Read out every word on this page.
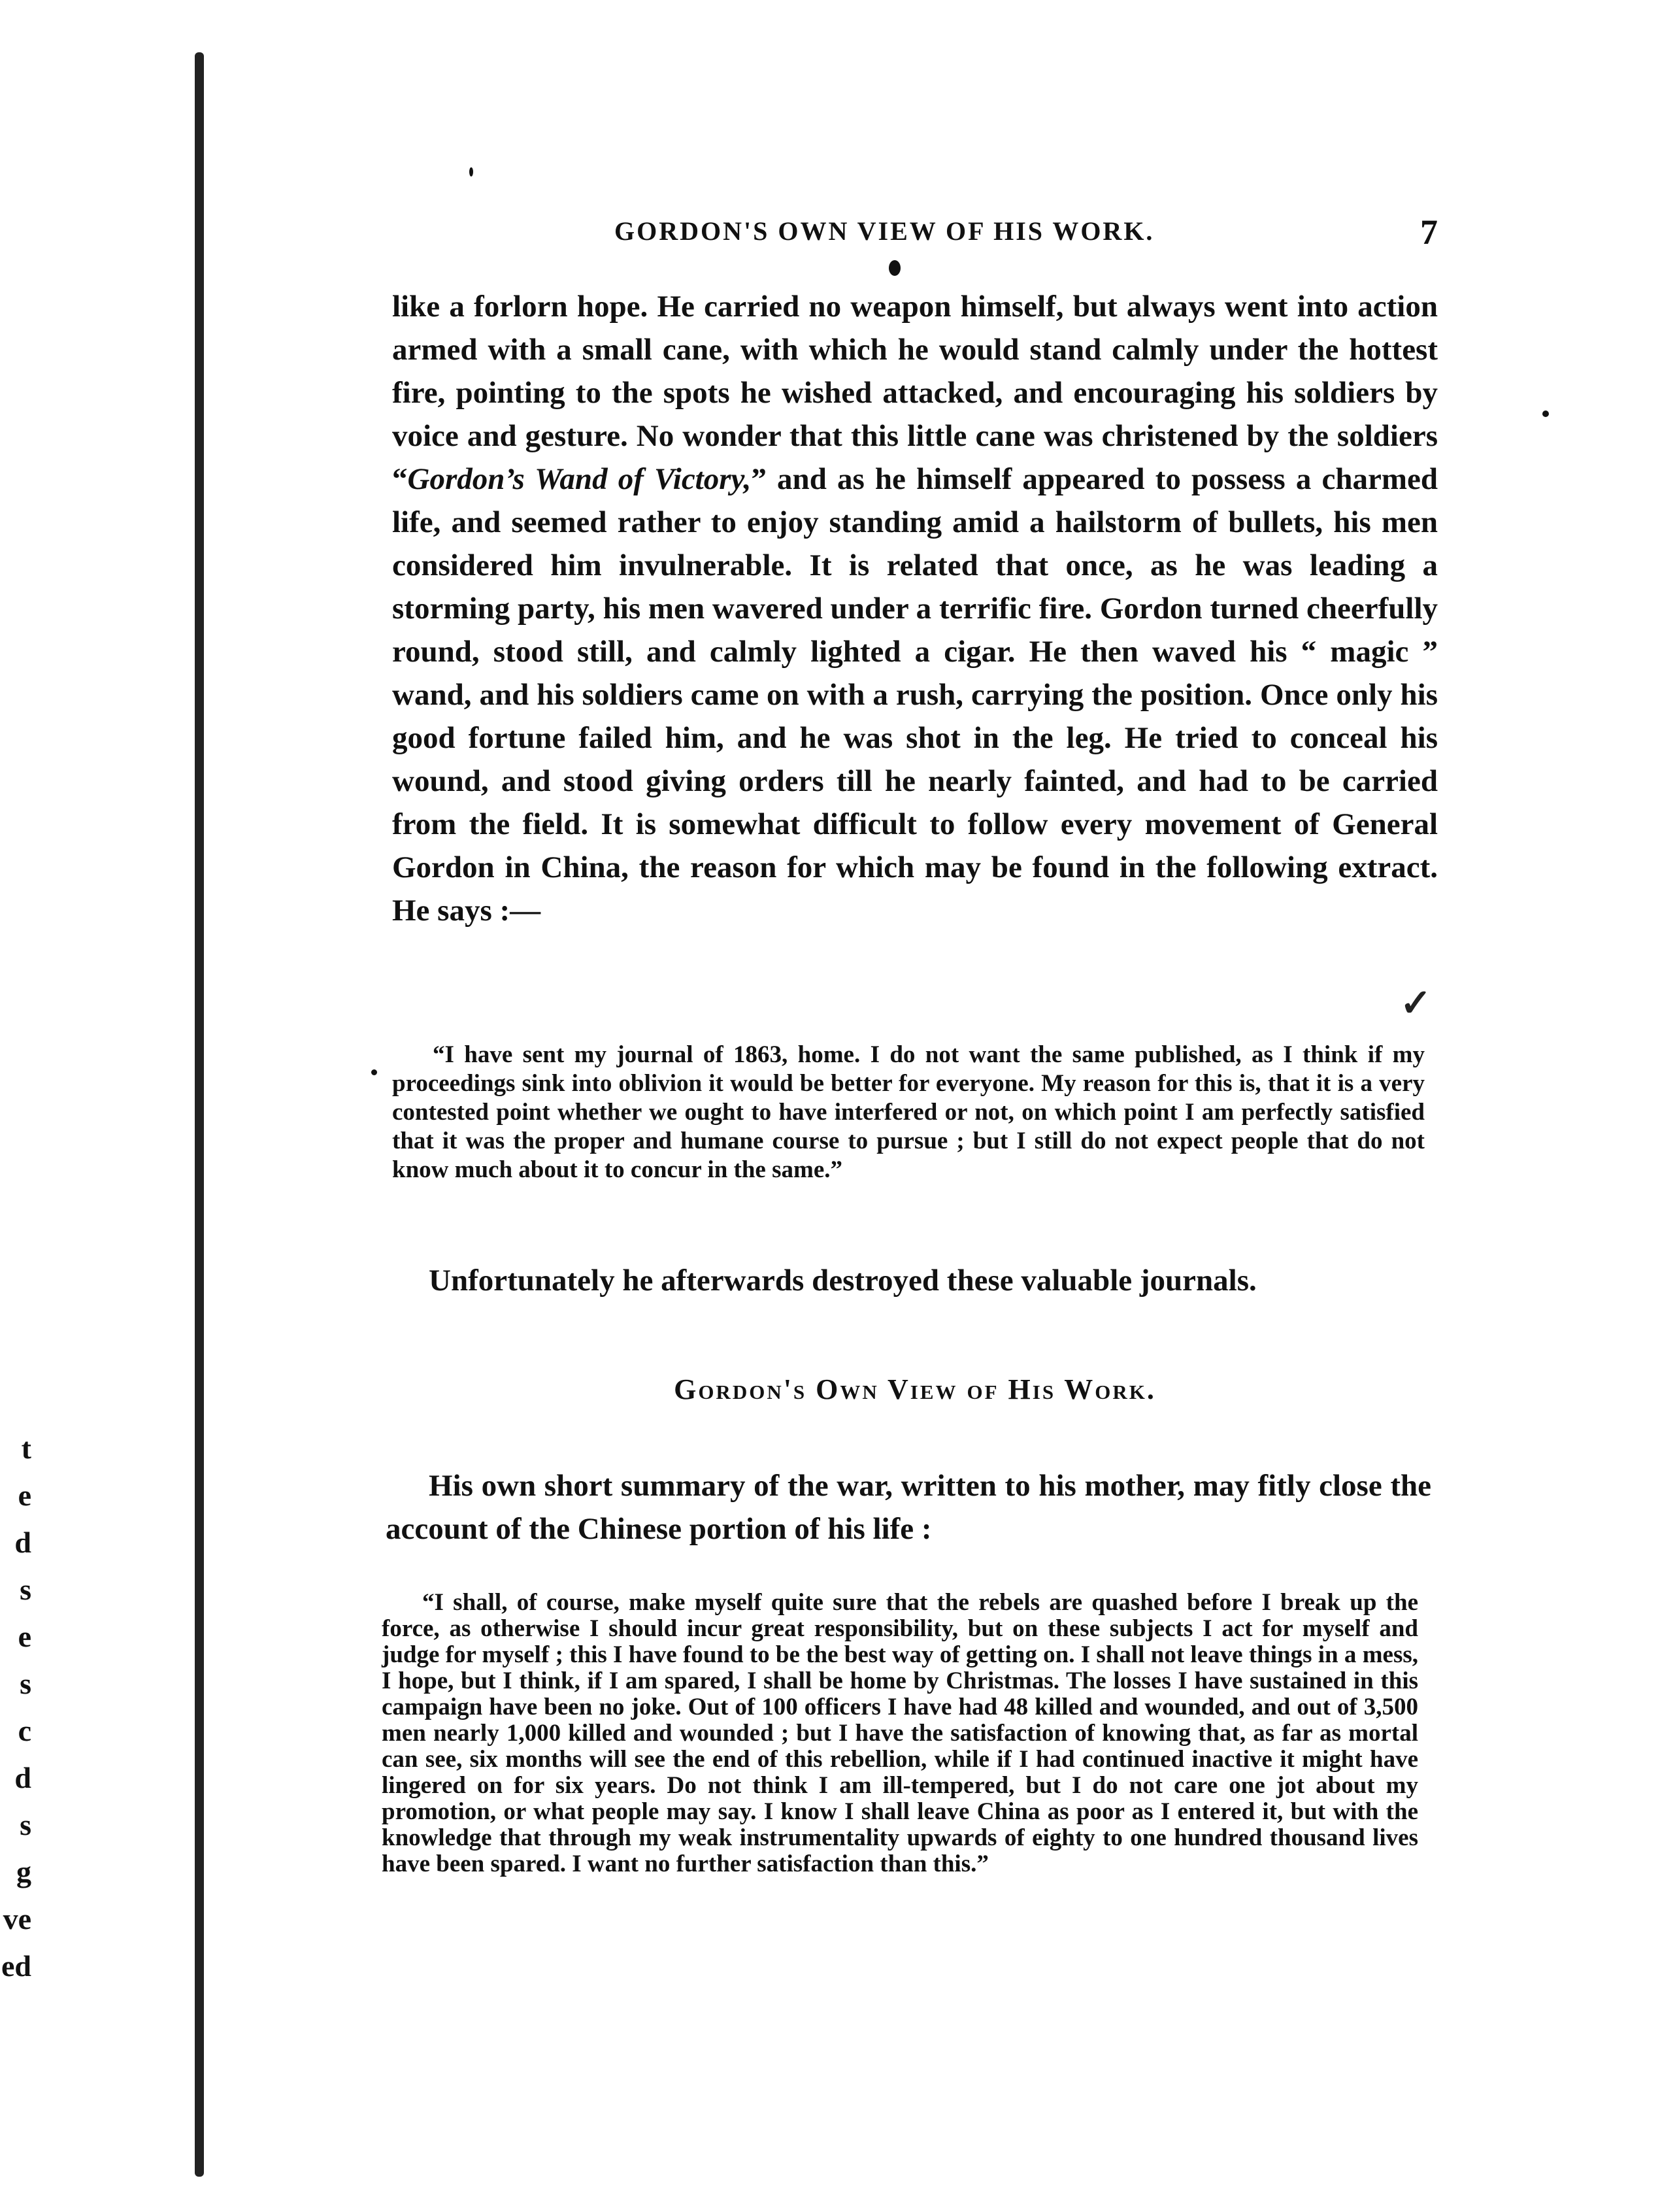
t
e
d
s
e
s
c
d
s
g
ve
ed
GORDON'S OWN VIEW OF HIS WORK.	7
✓

like a forlorn hope. He carried no weapon himself, but always went into action armed with a small cane, with which he would stand calmly under the hottest fire, pointing to the spots he wished attacked, and encouraging his soldiers by voice and gesture. No wonder that this little cane was christened by the soldiers “Gordon’s Wand of Victory,” and as he himself appeared to possess a charmed life, and seemed rather to enjoy standing amid a hailstorm of bullets, his men considered him invulnerable. It is related that once, as he was leading a storming party, his men wavered under a terrific fire. Gordon turned cheerfully round, stood still, and calmly lighted a cigar. He then waved his “ magic ” wand, and his soldiers came on with a rush, carrying the position. Once only his good fortune failed him, and he was shot in the leg. He tried to conceal his wound, and stood giving orders till he nearly fainted, and had to be carried from the field. It is somewhat difficult to follow every movement of General Gordon in China, the reason for which may be found in the following extract. He says :—

“I have sent my journal of 1863, home. I do not want the same published, as I think if my proceedings sink into oblivion it would be better for everyone. My reason for this is, that it is a very contested point whether we ought to have interfered or not, on which point I am perfectly satisfied that it was the proper and humane course to pursue ; but I still do not expect people that do not know much about it to concur in the same.”

Unfortunately he afterwards destroyed these valuable journals.

Gordon's Own View of His Work.

His own short summary of the war, written to his mother, may fitly close the account of the Chinese portion of his life :

“I shall, of course, make myself quite sure that the rebels are quashed before I break up the force, as otherwise I should incur great responsibility, but on these subjects I act for myself and judge for myself ; this I have found to be the best way of getting on. I shall not leave things in a mess, I hope, but I think, if I am spared, I shall be home by Christmas. The losses I have sustained in this campaign have been no joke. Out of 100 officers I have had 48 killed and wounded, and out of 3,500 men nearly 1,000 killed and wounded ; but I have the satisfaction of knowing that, as far as mortal can see, six months will see the end of this rebellion, while if I had continued inactive it might have lingered on for six years. Do not think I am ill-tempered, but I do not care one jot about my promotion, or what people may say. I know I shall leave China as poor as I entered it, but with the knowledge that through my weak instrumentality upwards of eighty to one hundred thousand lives have been spared. I want no further satisfaction than this.”
